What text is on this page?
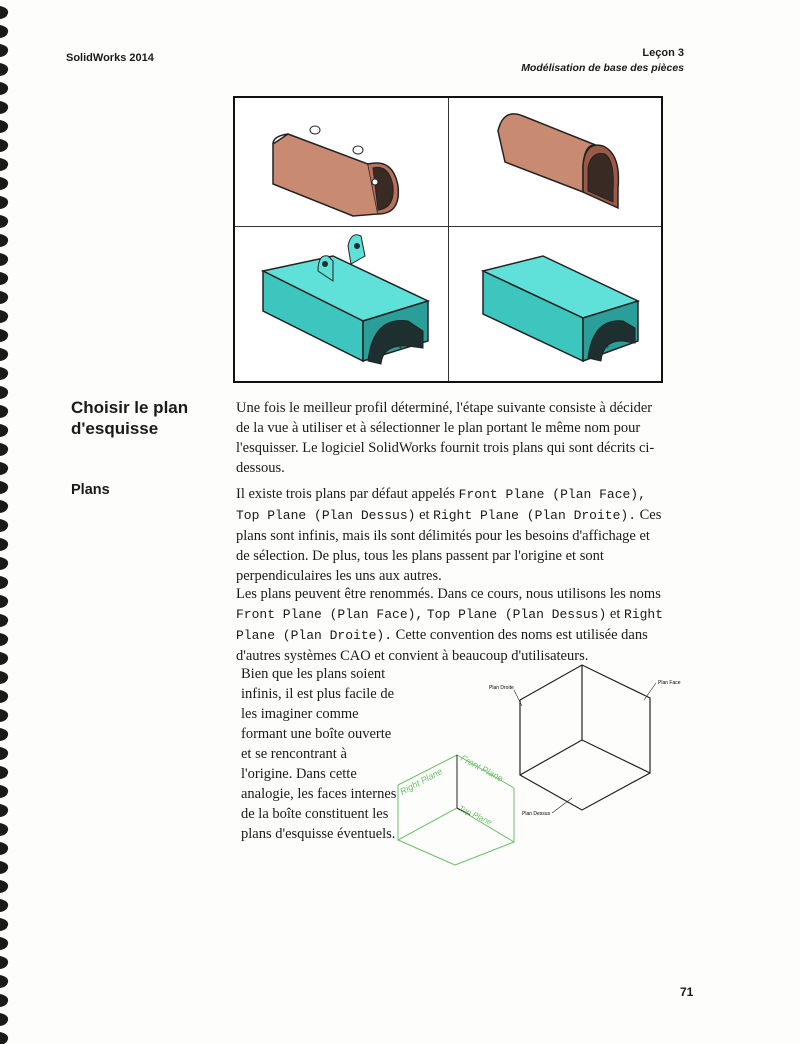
SolidWorks 2014	Leçon 3
Modélisation de base des pièces
+	+
Choisir le plan d'esquisse
Plans
Une fois le meilleur profil déterminé, l'étape suivante consiste à décider de la vue à utiliser et à sélectionner le plan portant le même nom pour l'esquisser. Le logiciel SolidWorks fournit trois plans qui sont décrits ci-dessous.
Il existe trois plans par défaut appelés Front Plane (Plan Face), Top Plane (Plan Dessus) et Right Plane (Plan Droite). Ces plans sont infinis, mais ils sont délimités pour les besoins d'affichage et de sélection. De plus, tous les plans passent par l'origine et sont perpendiculaires les uns aux autres.
Les plans peuvent être renommés. Dans ce cours, nous utilisons les noms Front Plane (Plan Face), Top Plane (Plan Dessus) et Right Plane (Plan Droite). Cette convention des noms est utilisée dans d'autres systèmes CAO et convient à beaucoup d'utilisateurs.
Bien que les plans soient infinis, il est plus facile de les imaginer comme formant une boîte ouverte et se rencontrant à l'origine. Dans cette analogie, les faces internes de la boîte constituent les plans d'esquisse éventuels.
Plan Droite
Plan Face
Plan Dessus
Right Plane Front Plane
Top Plane
71
